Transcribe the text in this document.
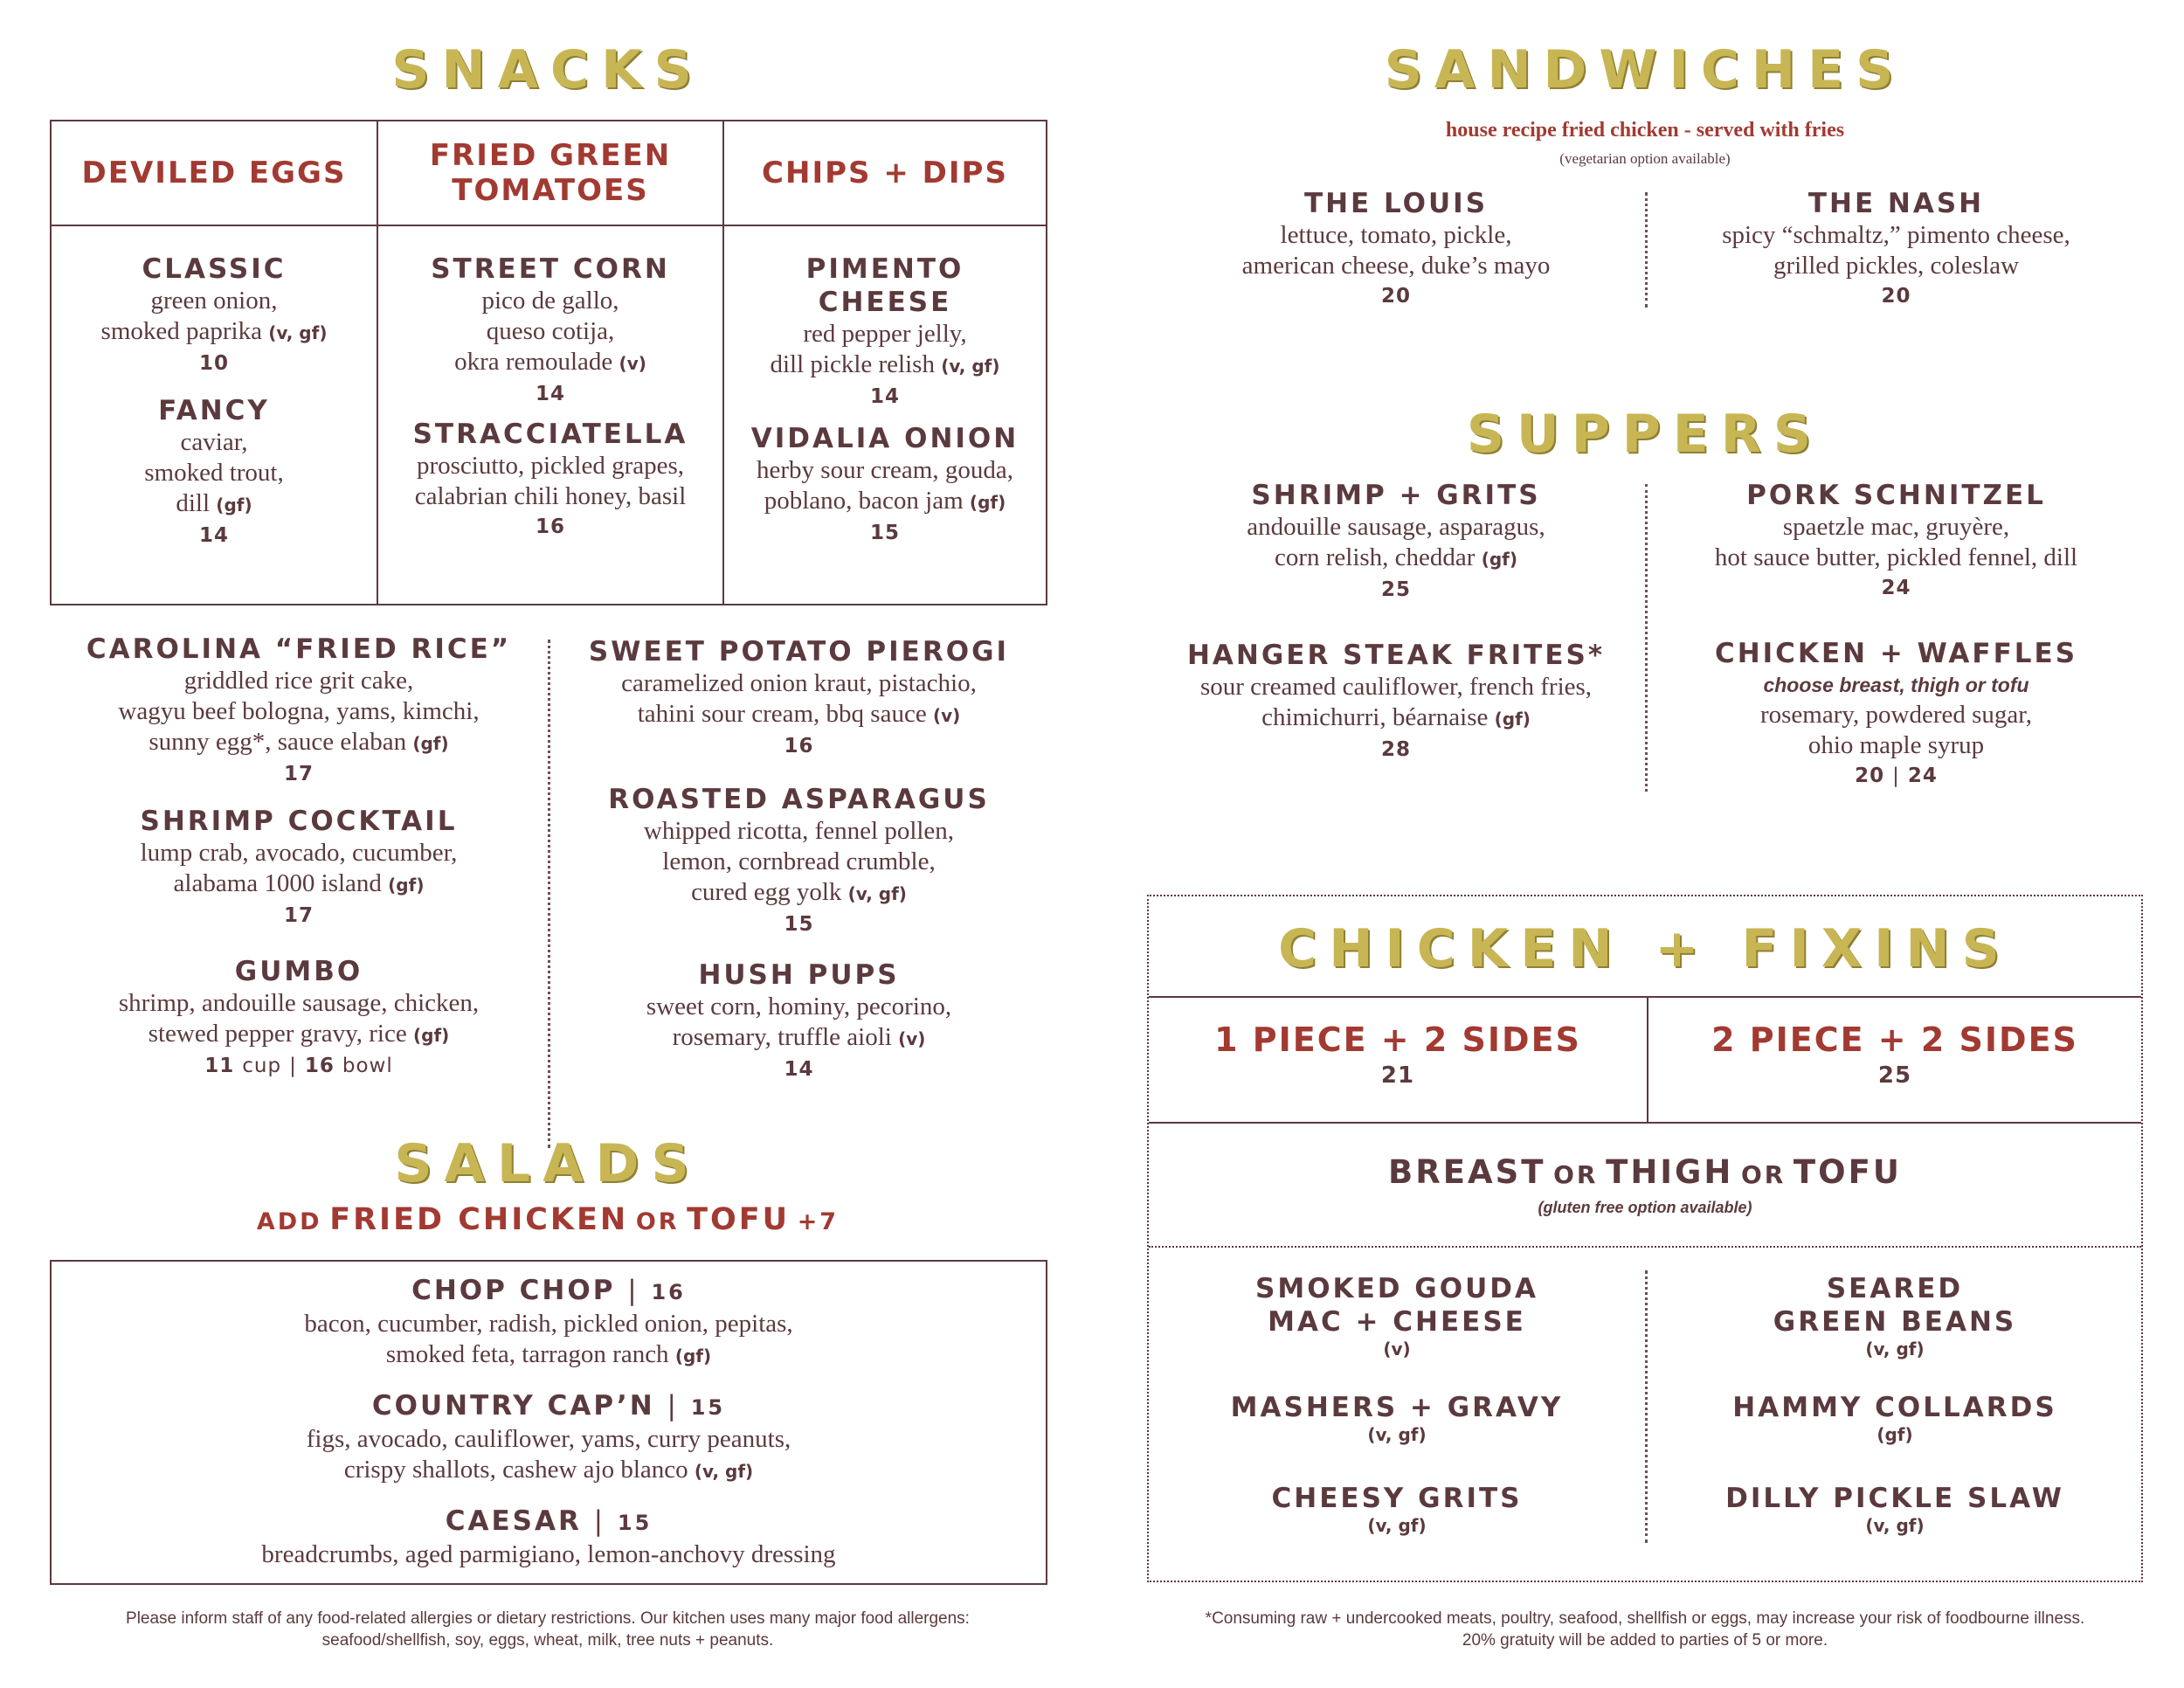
SNACKS
DEVILED EGGS	FRIED GREEN TOMATOES	CHIPS + DIPS
CLASSIC
green onion,
smoked paprika (v, gf)
10
FANCY
caviar,
smoked trout,
dill (gf)
14
STREET CORN
pico de gallo,
queso cotija,
okra remoulade (v)
14
STRACCIATELLA
prosciutto, pickled grapes,
calabrian chili honey, basil
16
PIMENTO
CHEESE
red pepper jelly,
dill pickle relish (v, gf)
14
VIDALIA ONION
herby sour cream, gouda,
poblano, bacon jam (gf)
15
CAROLINA “FRIED RICE”
griddled rice grit cake,
wagyu beef bologna, yams, kimchi,
sunny egg*, sauce elaban (gf)
17
SHRIMP COCKTAIL
lump crab, avocado, cucumber,
alabama 1000 island (gf)
17
GUMBO
shrimp, andouille sausage, chicken,
stewed pepper gravy, rice (gf)
11 cup | 16 bowl
SWEET POTATO PIEROGI
caramelized onion kraut, pistachio,
tahini sour cream, bbq sauce (v)
16
ROASTED ASPARAGUS
whipped ricotta, fennel pollen,
lemon, cornbread crumble,
cured egg yolk (v, gf)
15
HUSH PUPS
sweet corn, hominy, pecorino,
rosemary, truffle aioli (v)
14
SALADS
ADD FRIED CHICKEN OR TOFU +7
CHOP CHOP | 16
bacon, cucumber, radish, pickled onion, pepitas,
smoked feta, tarragon ranch (gf)
COUNTRY CAP’N | 15
figs, avocado, cauliflower, yams, curry peanuts,
crispy shallots, cashew ajo blanco (v, gf)
CAESAR | 15
breadcrumbs, aged parmigiano, lemon-anchovy dressing
Please inform staff of any food-related allergies or dietary restrictions. Our kitchen uses many major food allergens:
seafood/shellfish, soy, eggs, wheat, milk, tree nuts + peanuts.
SANDWICHES
house recipe fried chicken - served with fries
(vegetarian option available)
THE LOUIS
lettuce, tomato, pickle,
american cheese, duke’s mayo
20
THE NASH
spicy “schmaltz,” pimento cheese,
grilled pickles, coleslaw
20
SUPPERS
SHRIMP + GRITS
andouille sausage, asparagus,
corn relish, cheddar (gf)
25
HANGER STEAK FRITES*
sour creamed cauliflower, french fries,
chimichurri, béarnaise (gf)
28
PORK SCHNITZEL
spaetzle mac, gruyère,
hot sauce butter, pickled fennel, dill
24
CHICKEN + WAFFLES
choose breast, thigh or tofu
rosemary, powdered sugar,
ohio maple syrup
20 | 24
CHICKEN + FIXINS
1 PIECE + 2 SIDES
21
2 PIECE + 2 SIDES
25
BREAST OR THIGH OR TOFU
(gluten free option available)
SMOKED GOUDA
MAC + CHEESE
(v)
MASHERS + GRAVY
(v, gf)
CHEESY GRITS
(v, gf)
SEARED
GREEN BEANS
(v, gf)
HAMMY COLLARDS
(gf)
DILLY PICKLE SLAW
(v, gf)
*Consuming raw + undercooked meats, poultry, seafood, shellfish or eggs, may increase your risk of foodbourne illness.
20% gratuity will be added to parties of 5 or more.
